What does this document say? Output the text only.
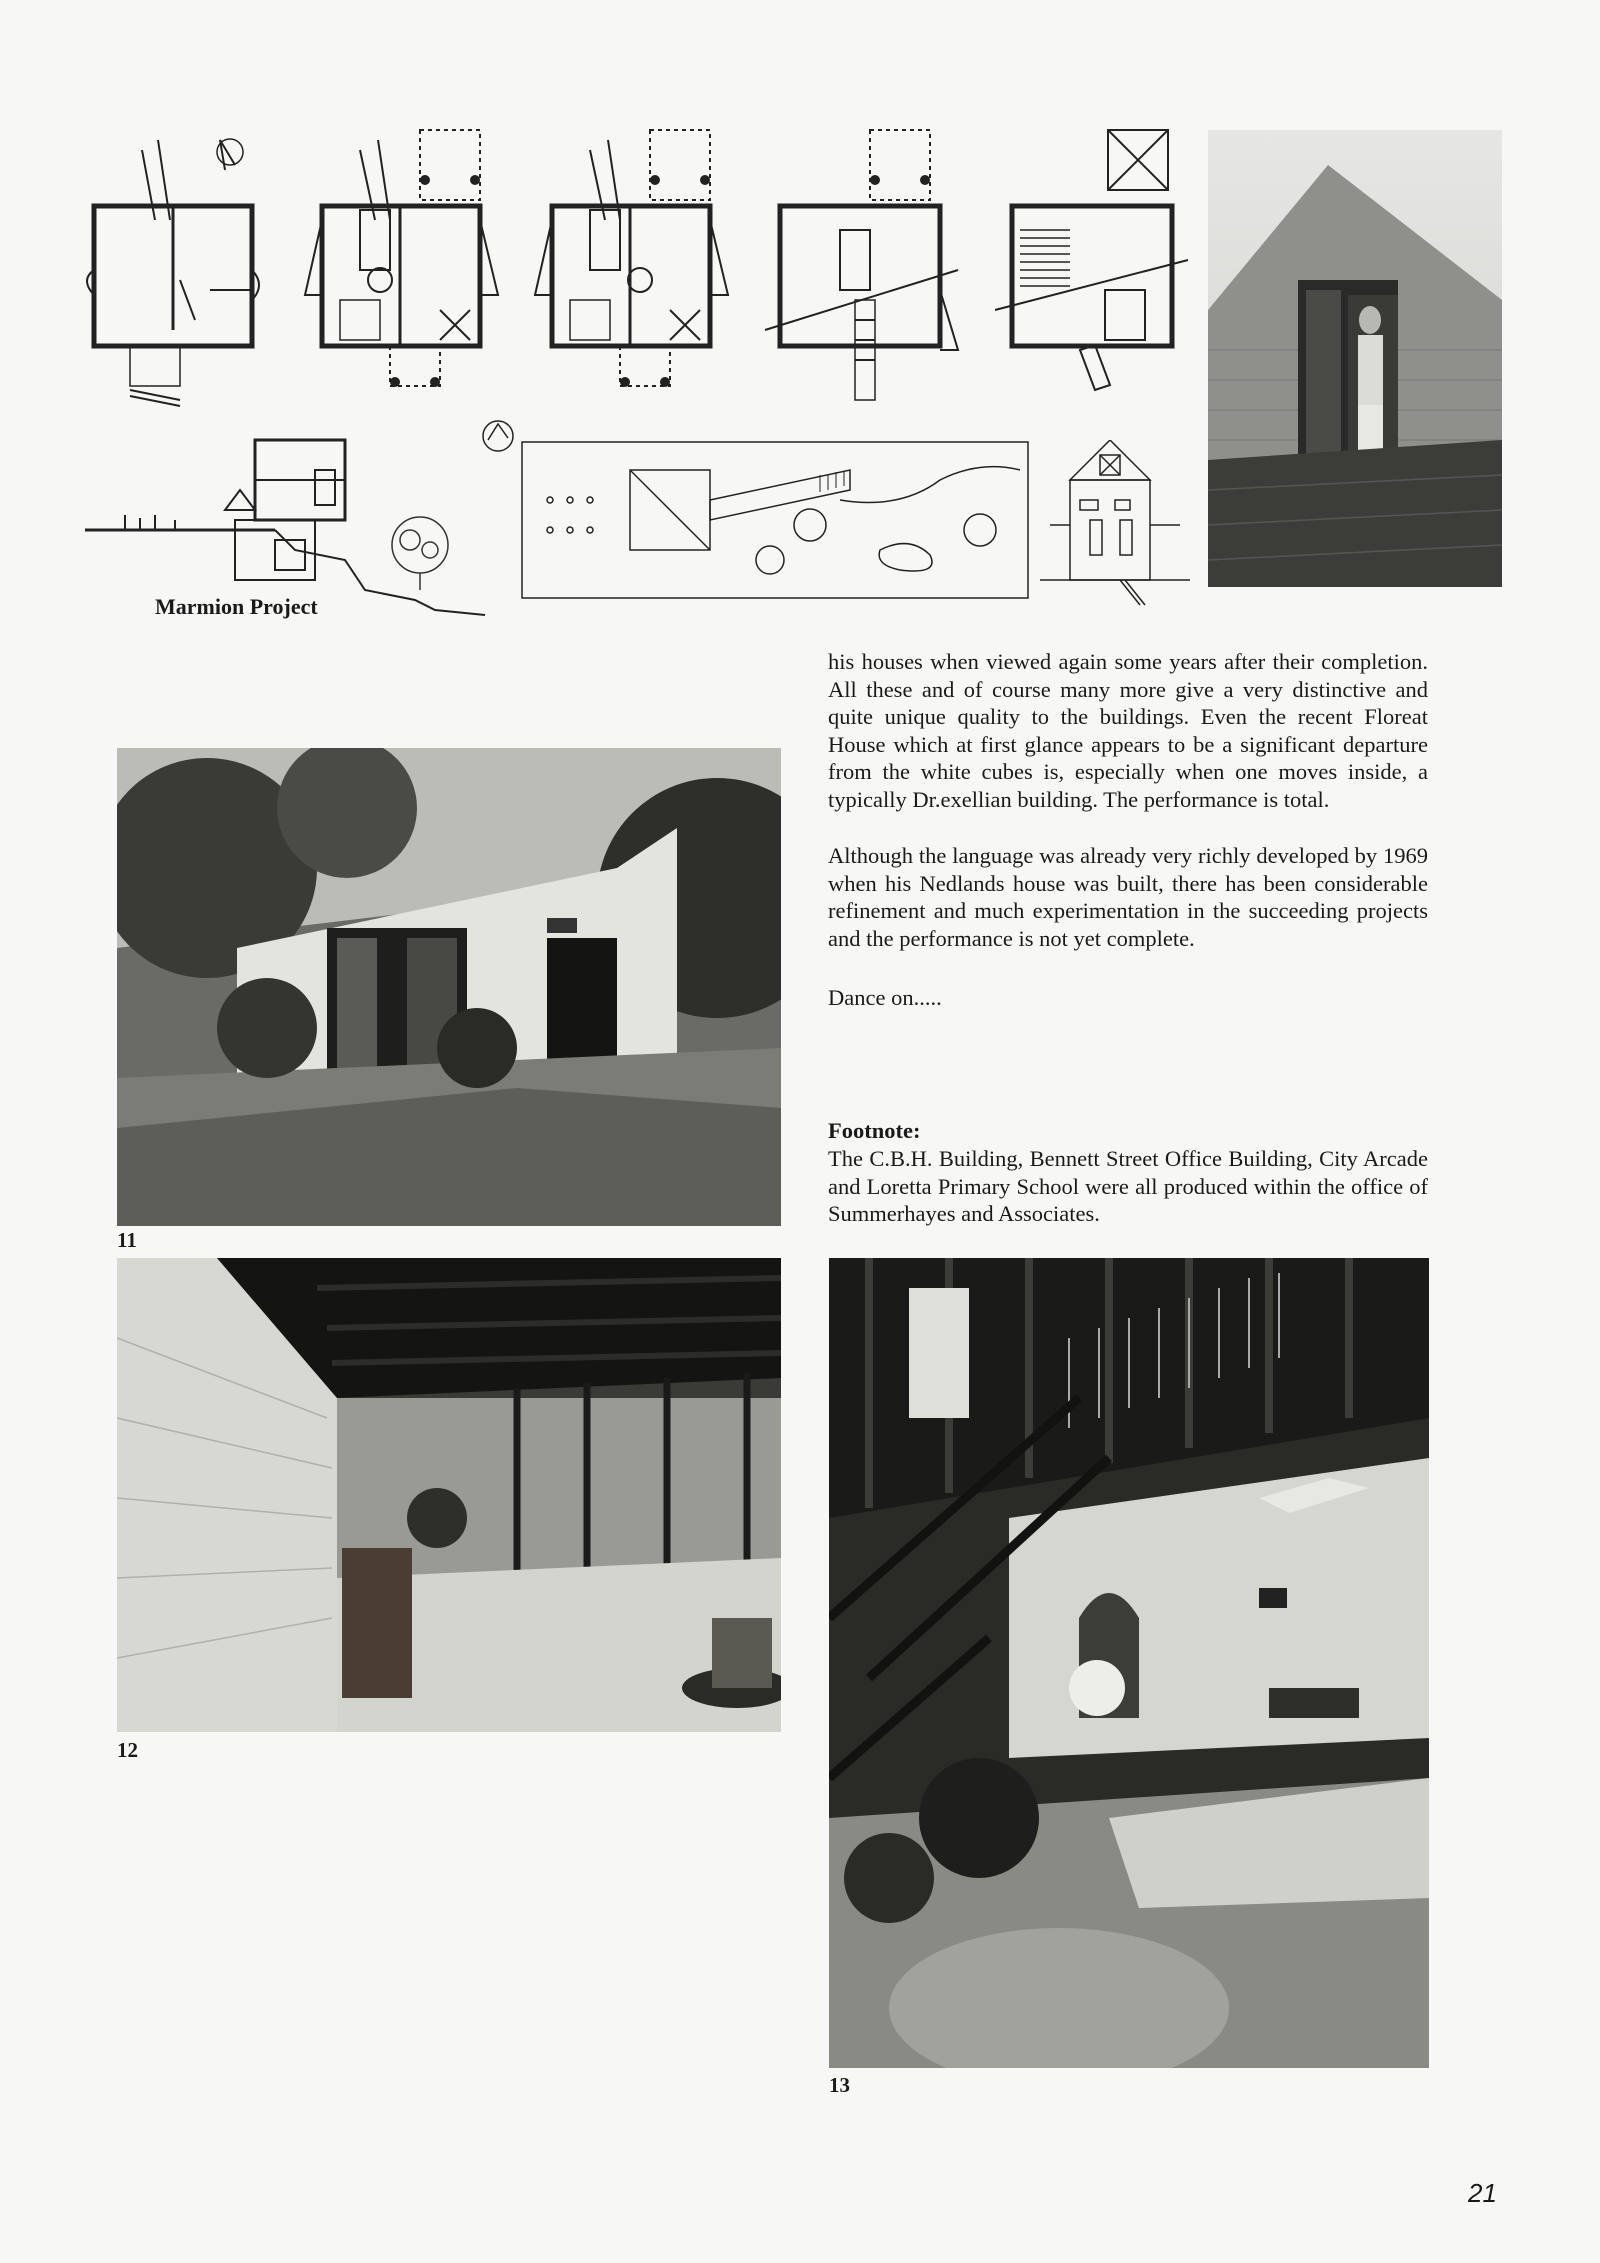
Marmion Project

his houses when viewed again some years after their completion. All these and of course many more give a very distinctive and quite unique quality to the buildings. Even the recent Floreat House which at first glance appears to be a significant departure from the white cubes is, especially when one moves inside, a typically Dr.exellian building. The performance is total.

Although the language was already very richly developed by 1969 when his Nedlands house was built, there has been considerable refinement and much experimentation in the succeeding projects and the performance is not yet complete.

Dance on.....

Footnote:

The C.B.H. Building, Bennett Street Office Building, City Arcade and Loretta Primary School were all produced within the office of Summerhayes and Associates.

11
12
13
21
